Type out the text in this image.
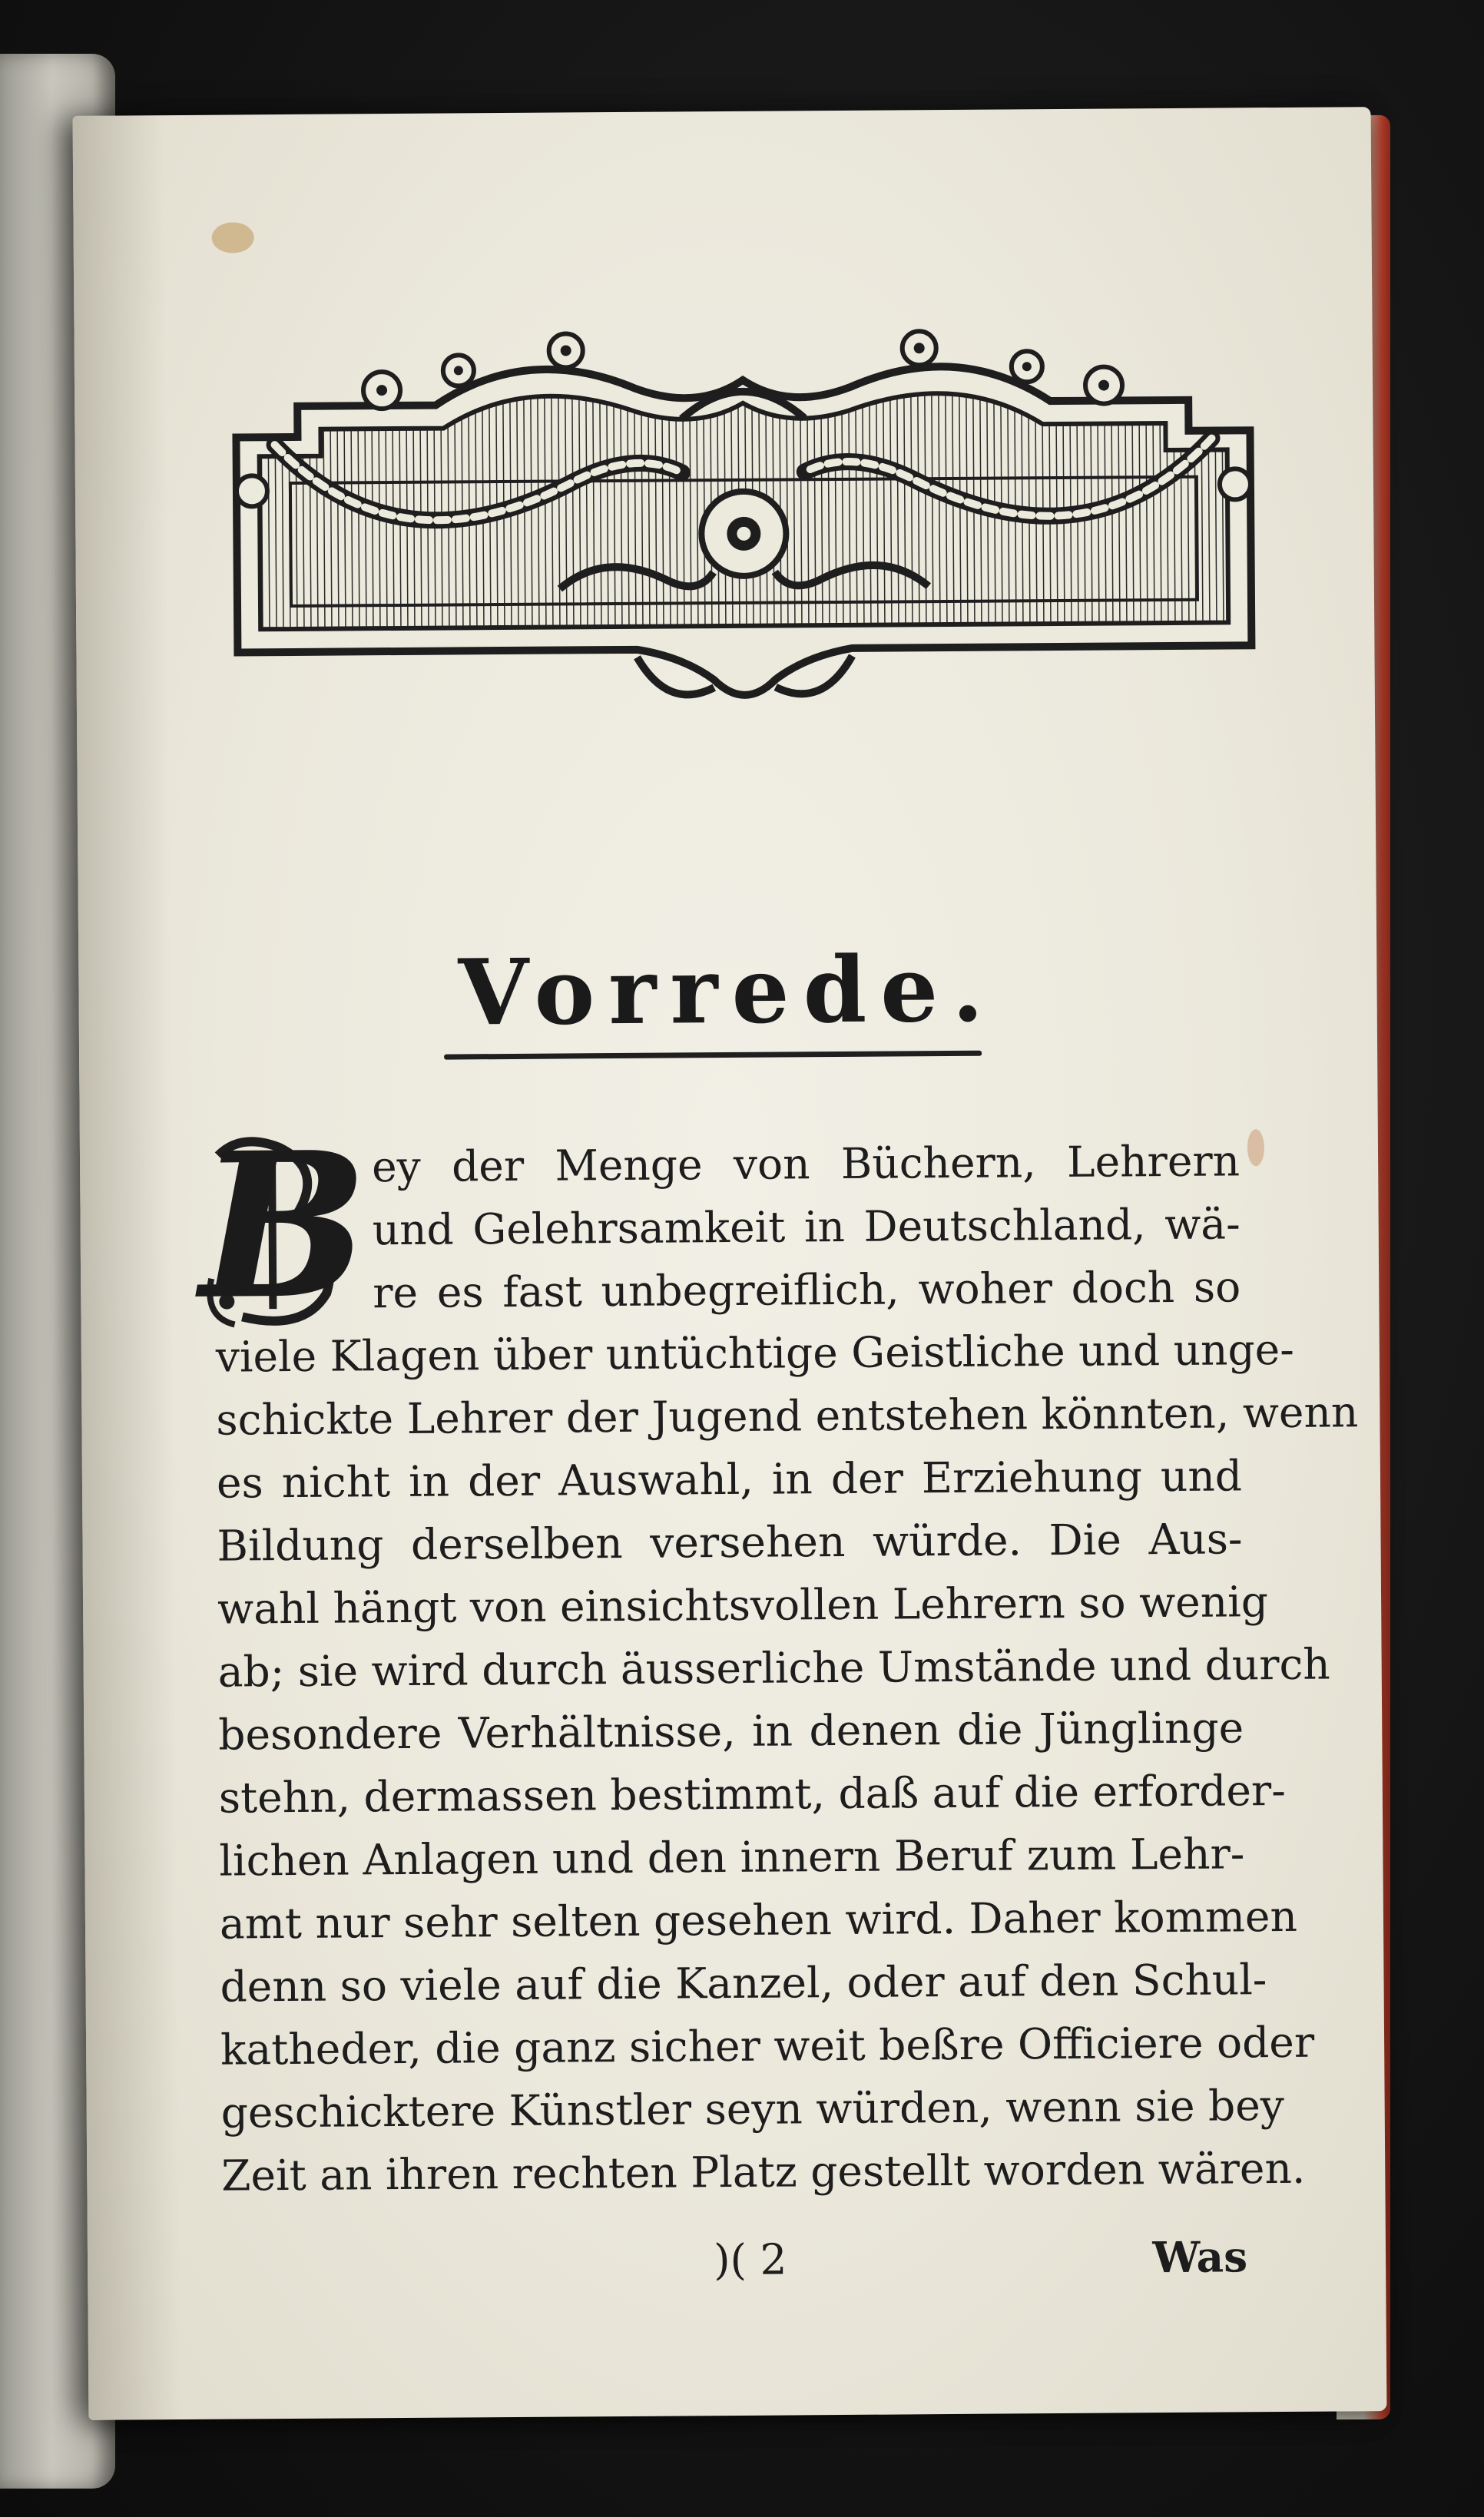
Vorrede.
B ey der Menge von Büchern, Lehrern
und Gelehrsamkeit in Deutschland, wä-
re es fast unbegreiflich, woher doch so
viele Klagen über untüchtige Geistliche und unge-
schickte Lehrer der Jugend entstehen könnten, wenn
es nicht in der Auswahl, in der Erziehung und
Bildung derselben versehen würde. Die Aus-
wahl hängt von einsichtsvollen Lehrern so wenig
ab; sie wird durch äusserliche Umstände und durch
besondere Verhältnisse, in denen die Jünglinge
stehn, dermassen bestimmt, daß auf die erforder-
lichen Anlagen und den innern Beruf zum Lehr-
amt nur sehr selten gesehen wird. Daher kommen
denn so viele auf die Kanzel, oder auf den Schul-
katheder, die ganz sicher weit beßre Officiere oder
geschicktere Künstler seyn würden, wenn sie bey
Zeit an ihren rechten Platz gestellt worden wären.
)( 2	Was
